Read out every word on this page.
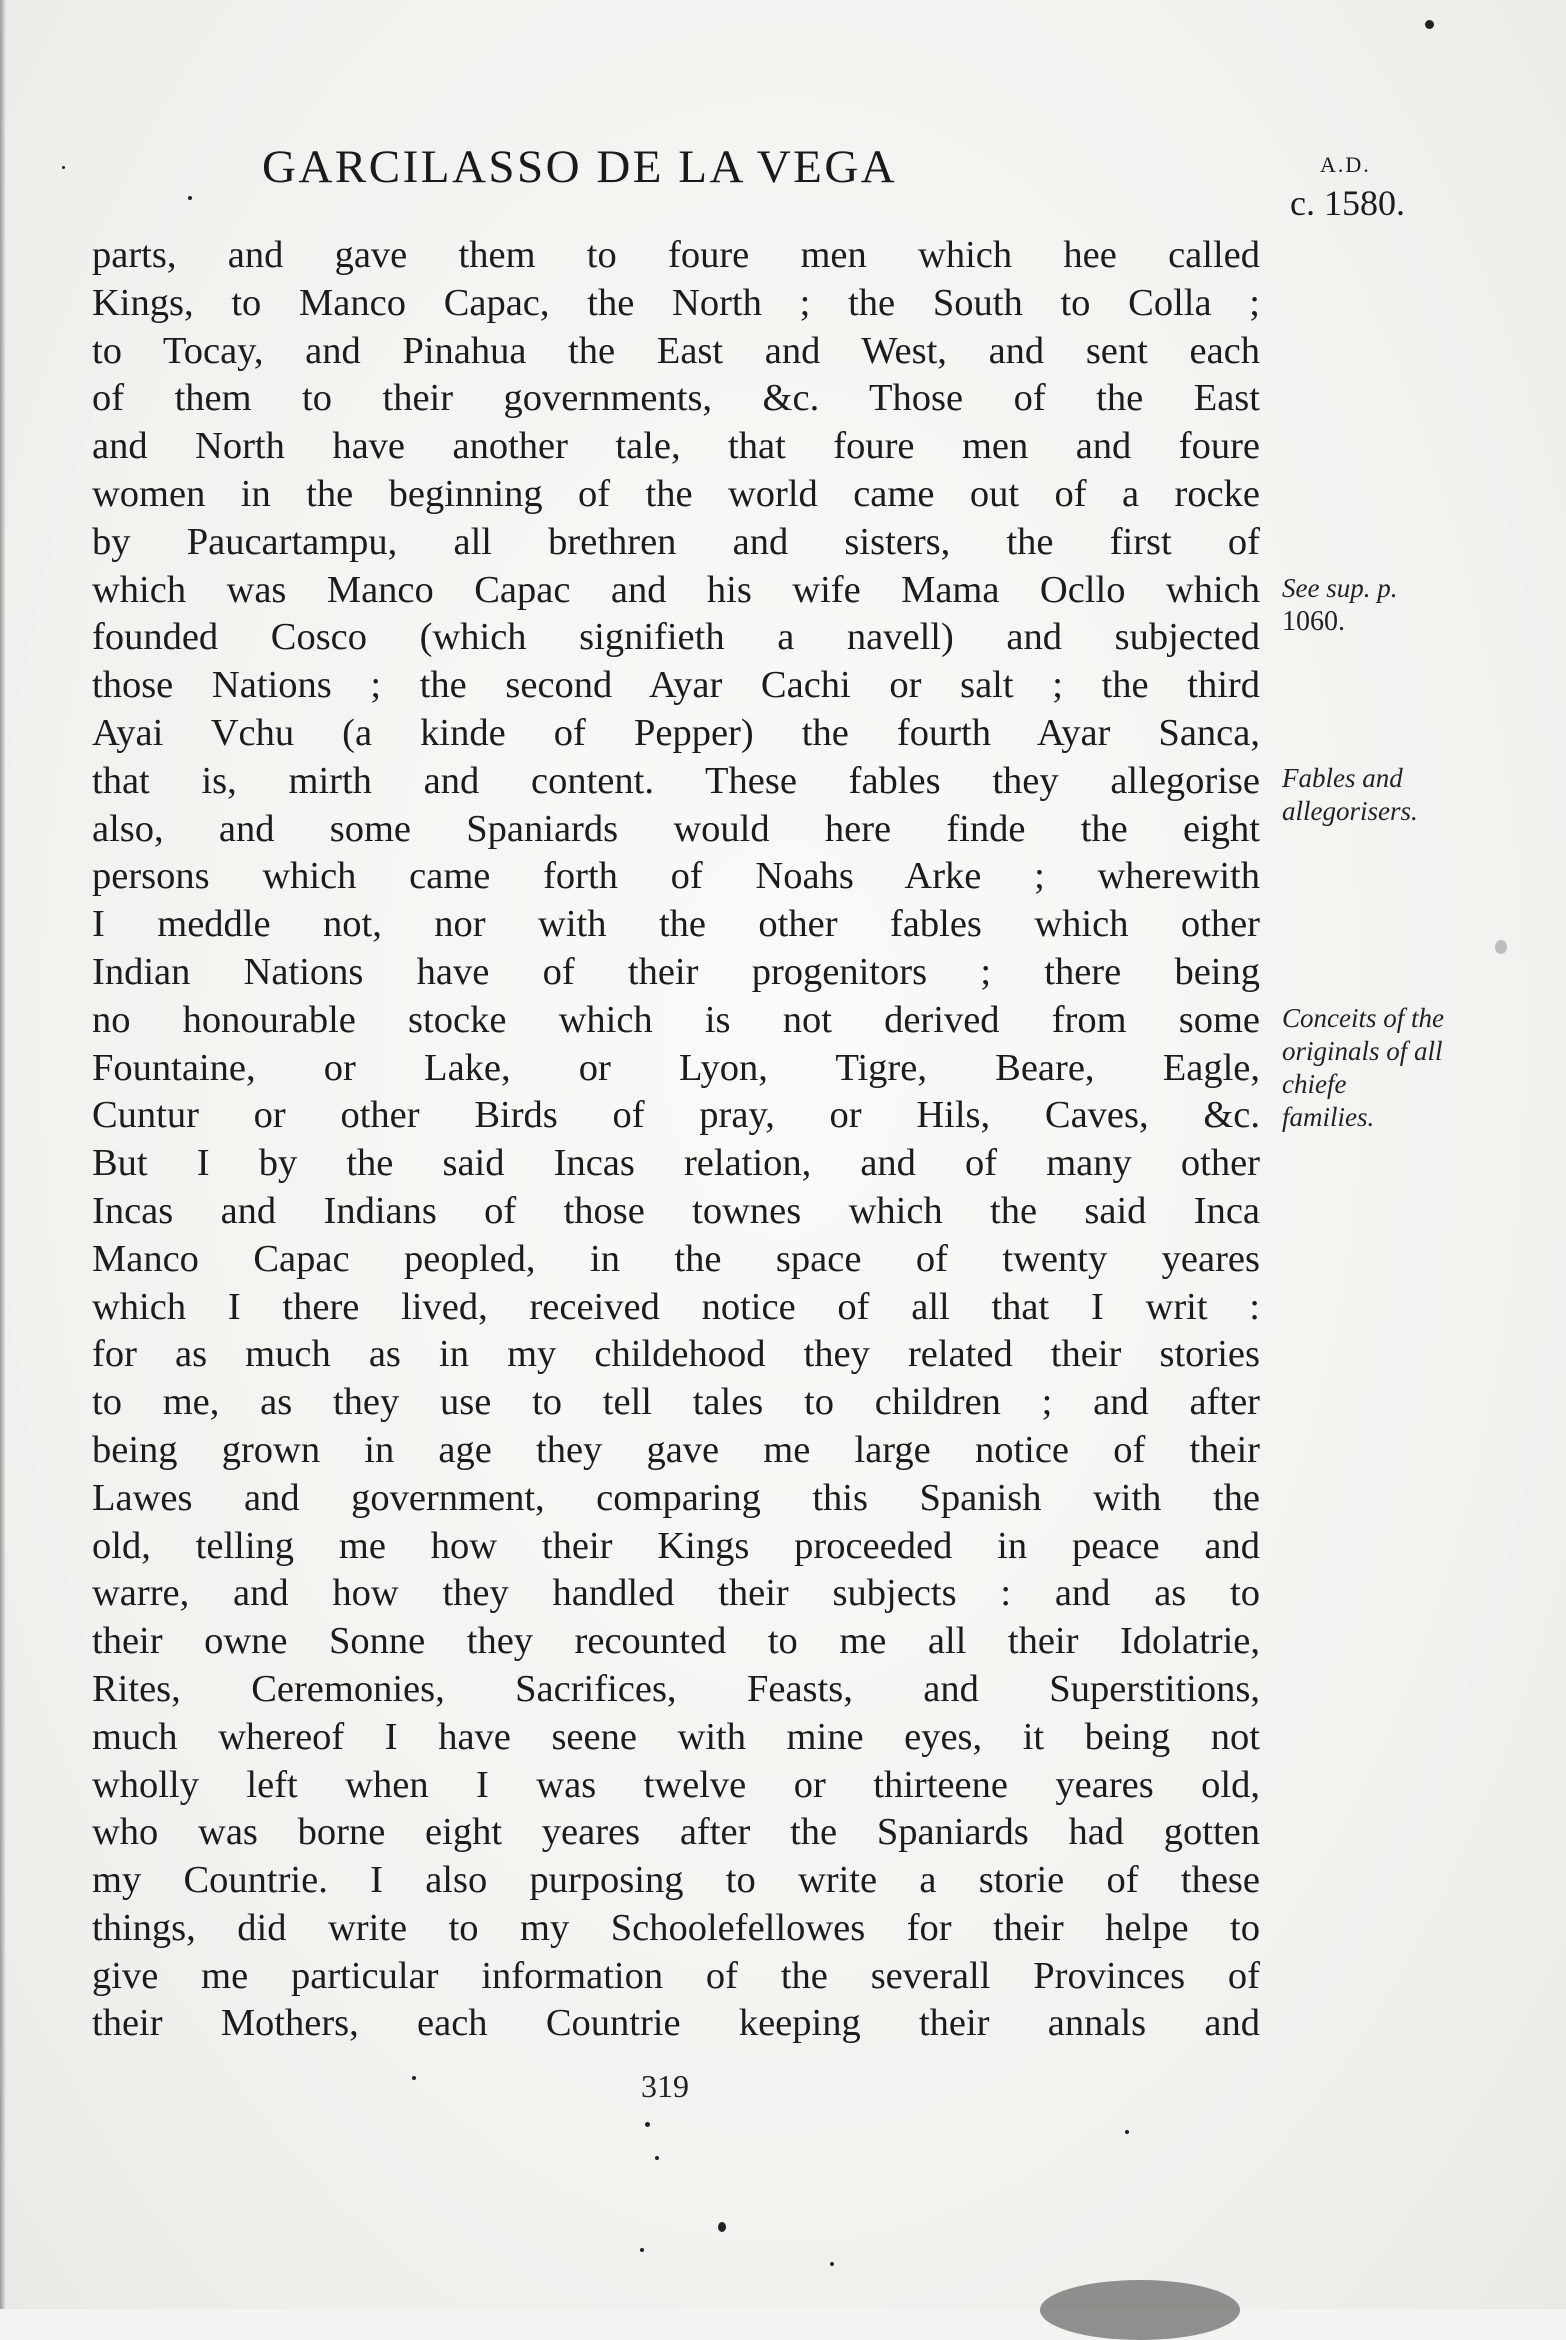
GARCILASSO DE LA VEGA	A.D.
c. 1580.
parts, and gave them to foure men which hee called
Kings, to Manco Capac, the North ; the South to Colla ;
to Tocay, and Pinahua the East and West, and sent each
of them to their governments, &c. Those of the East
and North have another tale, that foure men and foure
women in the beginning of the world came out of a rocke
by Paucartampu, all brethren and sisters, the first of
which was Manco Capac and his wife Mama Ocllo which
founded Cosco (which signifieth a navell) and subjected
those Nations ; the second Ayar Cachi or salt ; the third
Ayai Vchu (a kinde of Pepper) the fourth Ayar Sanca,
that is, mirth and content. These fables they allegorise
also, and some Spaniards would here finde the eight
persons which came forth of Noahs Arke ; wherewith
I meddle not, nor with the other fables which other
Indian Nations have of their progenitors ; there being
no honourable stocke which is not derived from some
Fountaine, or Lake, or Lyon, Tigre, Beare, Eagle,
Cuntur or other Birds of pray, or Hils, Caves, &c.
But I by the said Incas relation, and of many other
Incas and Indians of those townes which the said Inca
Manco Capac peopled, in the space of twenty yeares
which I there lived, received notice of all that I writ :
for as much as in my childehood they related their stories
to me, as they use to tell tales to children ; and after
being grown in age they gave me large notice of their
Lawes and government, comparing this Spanish with the
old, telling me how their Kings proceeded in peace and
warre, and how they handled their subjects : and as to
their owne Sonne they recounted to me all their Idolatrie,
Rites, Ceremonies, Sacrifices, Feasts, and Superstitions,
much whereof I have seene with mine eyes, it being not
wholly left when I was twelve or thirteene yeares old,
who was borne eight yeares after the Spaniards had gotten
my Countrie. I also purposing to write a storie of these
things, did write to my Schoolefellowes for their helpe to
give me particular information of the severall Provinces of
their Mothers, each Countrie keeping their annals and
See sup. p.
1060.
Fables and
allegorisers.
Conceits of the
originals of all
chiefe
families.
319
